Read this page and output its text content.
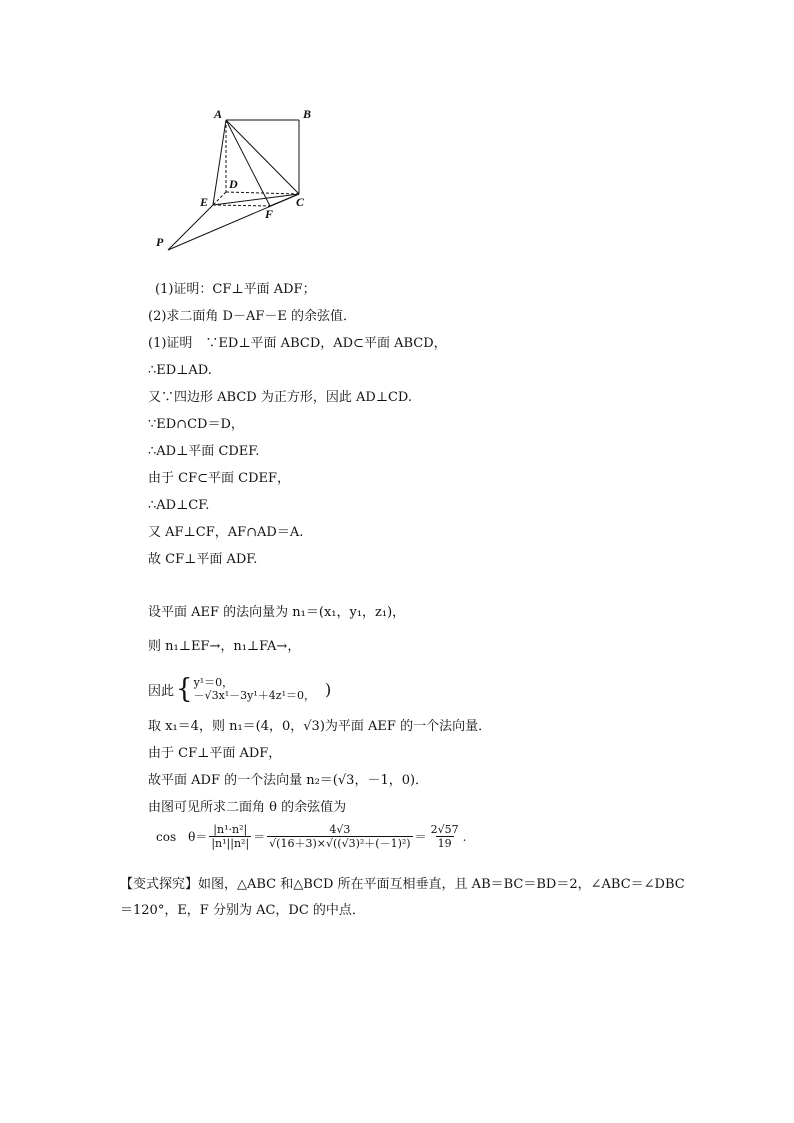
A	B
C
D
E
F
P
(1)证明：CF⊥平面 ADF；
(2)求二面角 D－AF－E 的余弦值．
(1)证明　∵ED⊥平面 ABCD，AD⊂平面 ABCD，
∴ED⊥AD.
又∵四边形 ABCD 为正方形，因此 AD⊥CD.
∵ED∩CD＝D，
∴AD⊥平面 CDEF.
由于 CF⊂平面 CDEF，
∴AD⊥CF.
又 AF⊥CF，AF∩AD＝A.
故 CF⊥平面 ADF.
设平面 AEF 的法向量为 n₁＝(x₁，y₁，z₁)，
则 n₁⊥EF→，n₁⊥FA→，
因此 { y¹＝0，
－√3x¹－3y¹＋4z¹＝0， )
取 x₁＝4，则 n₁＝(4，0，√3)为平面 AEF 的一个法向量．
由于 CF⊥平面 ADF，
故平面 ADF 的一个法向量 n₂＝(√3，－1，0)．
由图可见所求二面角 θ 的余弦值为
cos　$\theta= \frac{\text{|n¹·n²|}}{\text{|n¹||n²|}} = \frac{4√3}{\text{√(16＋3)×√((√3)²＋(－1)²)}} = \frac{2√57}{19}$ .
【变式探究】如图，△ABC 和△BCD 所在平面互相垂直，且 AB＝BC＝BD＝2，∠ABC＝∠DBC＝120°，E，F 分别为 AC，DC 的中点．
